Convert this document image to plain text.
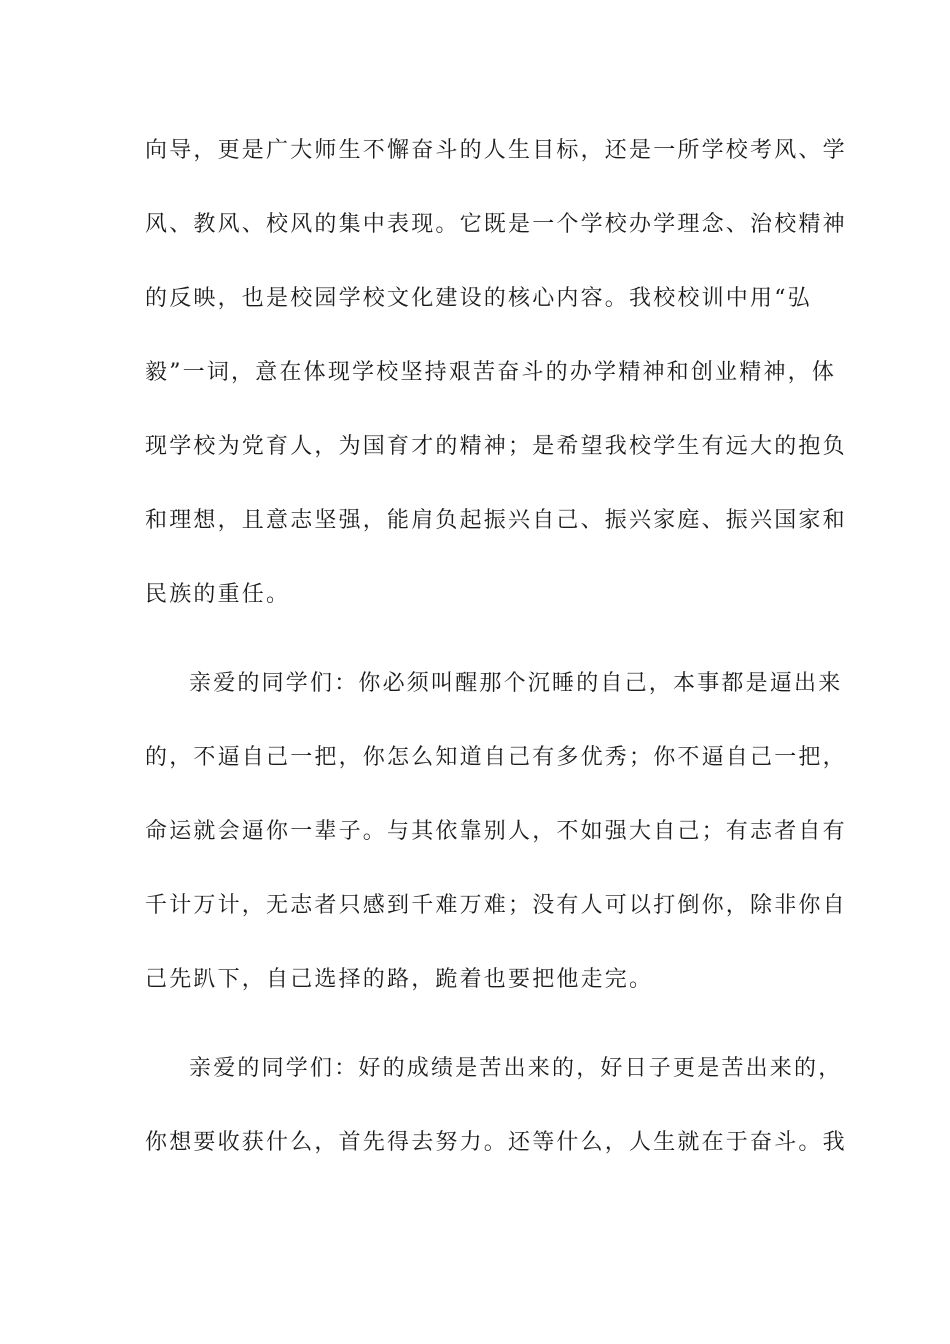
向导，更是广大师生不懈奋斗的人生目标，还是一所学校考风、学
风、教风、校风的集中表现。它既是一个学校办学理念、治校精神
的反映，也是校园学校文化建设的核心内容。我校校训中用“弘
毅”一词，意在体现学校坚持艰苦奋斗的办学精神和创业精神，体
现学校为党育人，为国育才的精神；是希望我校学生有远大的抱负
和理想，且意志坚强，能肩负起振兴自己、振兴家庭、振兴国家和
民族的重任。
亲爱的同学们：你必须叫醒那个沉睡的自己，本事都是逼出来
的，不逼自己一把，你怎么知道自己有多优秀；你不逼自己一把，
命运就会逼你一辈子。与其依靠别人，不如强大自己；有志者自有
千计万计，无志者只感到千难万难；没有人可以打倒你，除非你自
己先趴下，自己选择的路，跪着也要把他走完。
亲爱的同学们：好的成绩是苦出来的，好日子更是苦出来的，
你想要收获什么，首先得去努力。还等什么，人生就在于奋斗。我
